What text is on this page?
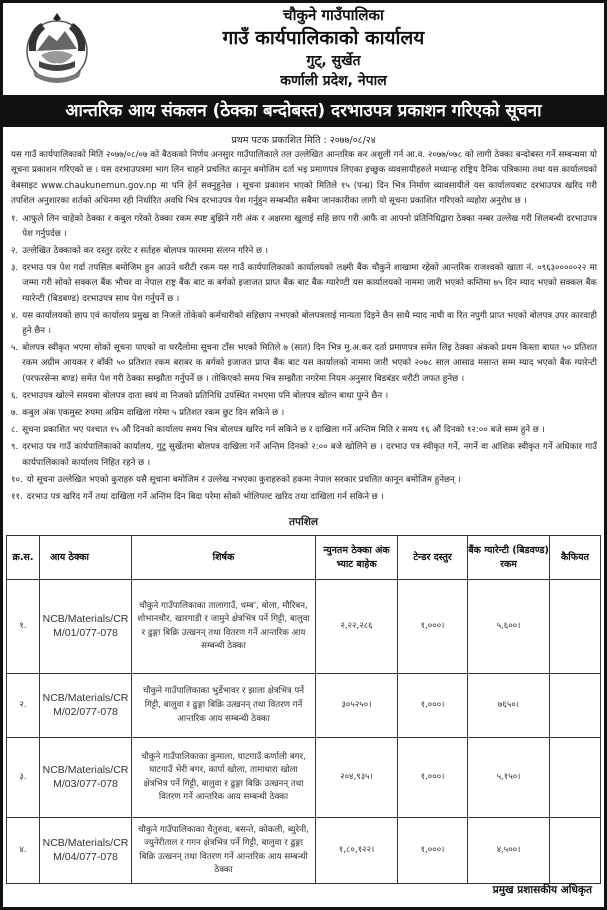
चौकुने गाउँपालिका
गाउँ कार्यपालिकाको कार्यालय
गुट्, सुर्खेत
कर्णाली प्रदेश, नेपाल
आन्तरिक आय संकलन (ठेक्का बन्दोबस्त) दरभाउपत्र प्रकाशन गरिएको सूचना
प्रथम पटक प्रकाशित मिति : २०७७/०८/२४

यस गाउँ कार्यपालिकाको मिति २०७७/०८/०७ को बैठकको निर्णय अनसुार गाउँपालिकाले तल उल्लेखित आन्तरिक कर अशुली गर्न आ.व. २०७७/०७८ को लागी ठेक्का बन्दोबस्त गर्ने सम्बन्धमा यो सूचना प्रकाशन गरिएको छ । यस दरभाउपत्रमा भाग लिन चाहने प्रचलित कानून बमोजिम दर्ता भइ प्रमाणपत्र लिएका इच्छुक व्यवसायीहरुले मध्यान्ह राष्ट्रिय दैनिक पत्रिकामा तथा यस कार्यालयको वेबसाइट www.chaukunemun.gov.np मा पनि हेर्न सक्नुहुनेछ । सूचना प्रकाशन भएको मितिले १५ (पन्ध्र) दिन भित्र निर्माण व्यावसायीले यस कार्यालयबाट दरभाउपत्र खरिद गरी तपशिल अनुशारका शर्तको अधिनमा रही निर्धारित अवधि भित्र दरभाउपत्र पेश गर्नुहुन सम्बन्धीत सबैमा जानकारीका लागी यो सूचना प्रकाशित गरिएको व्यहोरा अनुरोध छ ।

१. आफुले लिन चाहेको ठेक्का र कबुल गरेको ठेक्का रकम स्पष्ट बुझिने गरी अंक र अक्षरमा खुलाई सहि छाप गरी आफै वा आफ्नो प्रतिनिधिद्वारा ठेक्का नम्बर उल्लेख गरी शिलबन्धी दरभाउपत्र पेश गर्नुपर्दछ ।
२. उल्लेखित ठेक्काको कर दस्तुर दररेट र सर्तहरु बोलपत्र फारममा संलग्न गरिने छ ।
३. दरभाउ पत्र पेश गर्दा तपसिल बमोजिम हुन आउने धरौटी रकम यस गाउँ कार्यपालिकाको कार्यालयको लक्ष्मी बैंक चौकुने शाखामा रहेको आन्तरिक राजश्वको खाता नं. ०९६३०००००२२ मा जम्मा गरी सोको सक्कल बैंक भौचर वा नेपाल राष्ट्र बैंक बाट क बर्गको इजाजत प्राप्त बैंक बाट बैंक ग्यारेण्टी यस कार्यालयको नाममा जारी भएको कम्तिमा ७५ दिन म्याद भएको सक्कल बैंक ग्यारेन्टी (बिडबण्ड) दरभाउपत्र साथ पेश गर्नुपर्ने छ ।
४. यस कार्यालयको छाप एवं कार्यालय प्रमुख वा निजले तोकेको कर्मचारीको सहिछाप नभएको बोलपत्रलाई मान्यता दिइने छैन साथै म्याद नाघी वा रित नपुगी प्राप्त भएको बोलपत्र उपर कारवाही हुने छैन ।
५. बोलपत्र स्वीकृत भएमा सोको सूचना पाएको वा घरदैलोमा सूचना टाँस भएको मितिले ७ (सात) दिन भित्र मु.अ.कर दर्ता प्रमाणपत्र समेत लिइ ठेक्का अंकको प्रथम किस्ता बापत ५० प्रतिशत रकम अग्रीम आयकर र बाँकी ५० प्रतिशत रकम बराबर क बर्गको इजाजत प्राप्त बैंक बाट यस कार्यालको नाममा जारी भएको २०७८ साल आसाढ मसान्त सम्म म्याद भएको बैंक ग्यारेन्टी (परफरसेन्स बण्ड) समेत पेश गरी ठेक्का सम्झौता गर्नुपर्ने छ । तोकिएको समय भित्र सम्झौता नगरेमा नियम अनुसार बिडबंडर धरौटी जफत हुनेछ ।
६. दरभाउपत्र खोल्ने समयमा बोलपत्र दाता स्वयं वा निजको प्रतिनिधि उपस्थित नभएमा पनि बोलपत्र खोल्न बाधा पुग्ने छैन ।
७. कबुल अंक एकमुस्ट रुपमा अग्रिम दाखिला गरेमा ५ प्रतिशत रकम छुट दिन सकिने छ ।
८. सूचना प्रकाशित भए पश्चात १५ औं दिनको कार्यालय समय भित्र बोलपत्र खरिद गर्न सकिने छ र दाखिला गर्ने अन्तिम मिति र समय १६ औं दिनको १२:०० बजे सम्म हुने छ ।
९. दरभाउ पत्र गाउँ कार्यपालिकाको कार्यालय, गुटु सुर्खेतमा बोलपत्र दाखिला गर्ने अन्तिम दिनको २:०० बजे खोलिने छ । दरभाउ पत्र स्वीकृत गर्ने, नगर्ने वा आंशिक स्वीकृत गर्ने अधिकार गाउँ कार्यपालिकाको कार्यालय निहित रहने छ ।
१०. यो सूचना उल्लेखित भएको कुराहरु यसै सूचाना बमोजिम र उल्लेख नभएका कुराहरुको हकमा नेपाल सरकार प्रचलित कानून बमोजिम हुनेछन् ।
११. दरभाउ पत्र खरिद गर्ने तथा दाखिला गर्ने अन्तिम दिन बिदा परेमा सोको भोलिपल्ट खरिद तथा दाखिला गर्न सकिने छ ।
तपशिल
क्र.स.	आय ठेक्का	शिर्षक	न्युनतम ठेक्का अंक भ्याट बाहेक	टेन्डर दस्तुर	बैंक ग्यारेन्टी (बिडवण्ड) रकम	कैफियत
१.	NCB/Materials/CRM/01/077-078	चौकुने गाउँपालिकाका तालागाउँ, धम्ब', बोला, मौरिबन, शोभानचौर, खारगाडी र जामुने क्षेत्रभित्र पर्ने गिट्टी, बालुवा र ढुङ्गा बिक्रि उत्खनन् तथा वितरण गर्ने आन्तरिक आय सम्बन्धी ठेक्का	२,२२,२८६	१,०००।	५,६००।	
२.	NCB/Materials/CRM/02/077-078	चौकुने गाउँपालिकाका भुर्डेभावर र झाला क्षेत्रभित्र पर्ने गिट्टी, बालुवा र ढुङ्गा बिक्रि उत्खनन् तथा वितरण गर्ने आन्तरिक आय सम्बन्धी ठेक्का	३०५२५०।	१,०००।	७६५०।	
३.	NCB/Materials/CRM/03/077-078	चौकुने गाउँपालिकाका कुमाला, घाटगाउँ कर्णाली बगर, घाटगाउँ भेरी बगर, कार्पा खोला, तामाधारा खोला क्षेत्रभित्र पर्ने गिट्टी, बालुवा र ढुङ्गा बिक्रि उत्खनन् तथा वितरण गर्ने आन्तरिक आय सम्बन्धी ठेक्का	२०४,९३५।	१,०००।	५,१५०।	
४.	NCB/Materials/CRM/04/077-078	चौकुने गाउँपालिकाका चैतुरुवा, बसन्ते, कोकली, ब्युरेनी, ज्युनेरीताल र गगन क्षेत्रभित्र पर्ने गिट्टी, बालुवा र ढुङ्गा बिक्रि उत्खनन् तथा वितरण गर्ने आन्तरिक आय सम्बन्धी ठेक्का	१,८०,१२२।	१,०००।	४,५००।	
प्रमुख प्रशासकीय अधिकृत
